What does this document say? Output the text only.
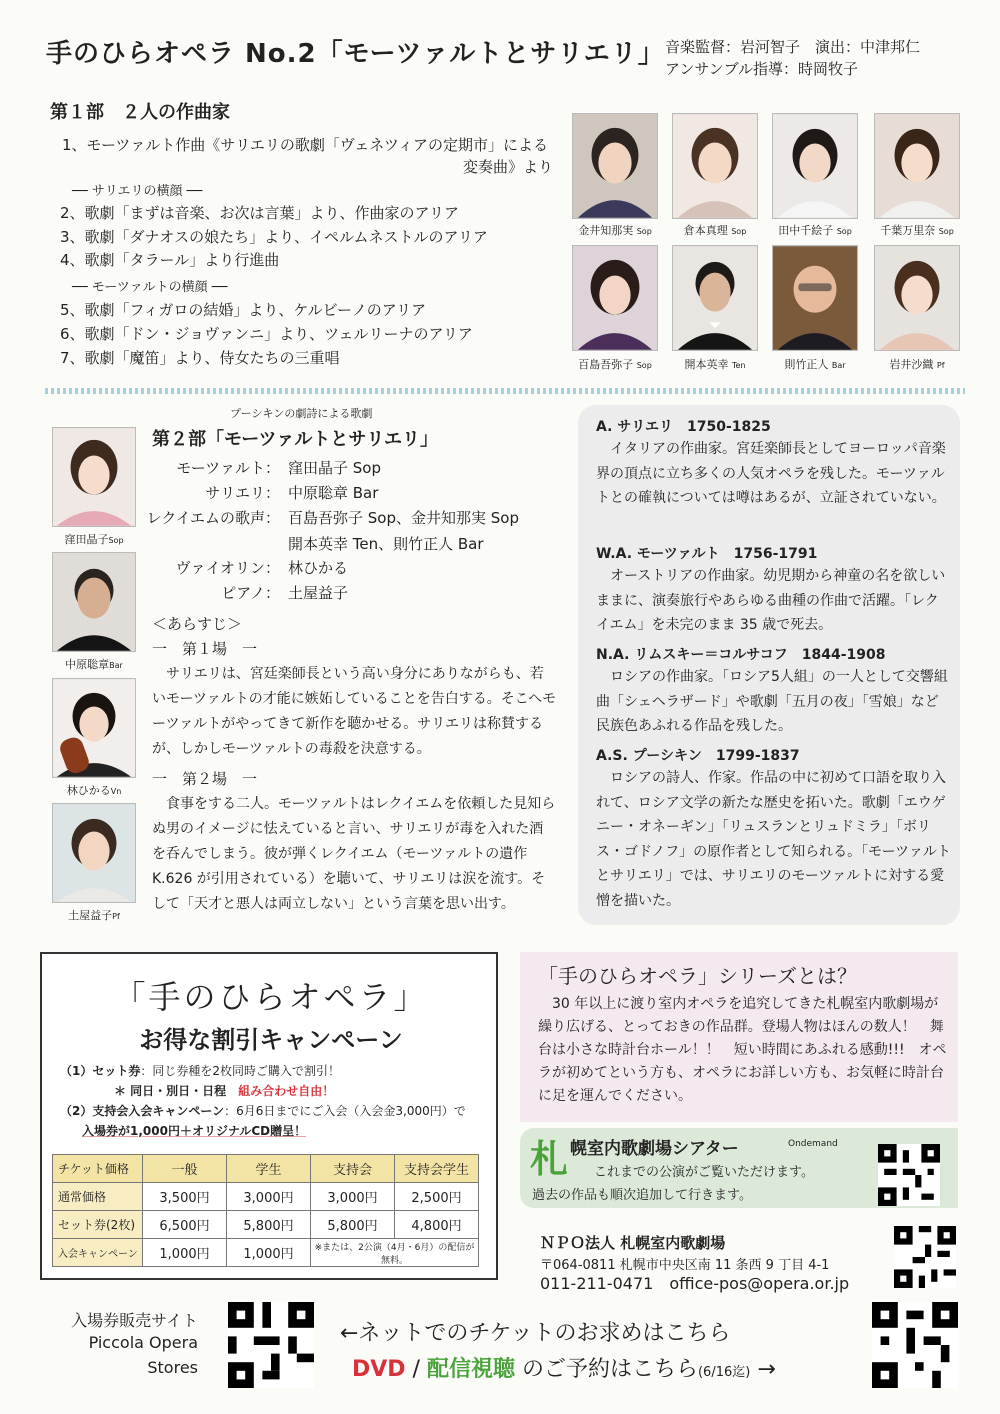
手のひらオペラ No.2「モーツァルトとサリエリ」 音楽監督：岩河智子　演出：中津邦仁
アンサンブル指導：時岡牧子
第１部　２人の作曲家
1、モーツァルト作曲《サリエリの歌劇「ヴェネツィアの定期市」による
変奏曲》より
── サリエリの横顔 ──
2、歌劇「まずは音楽、お次は言葉」より、作曲家のアリア
3、歌劇「ダナオスの娘たち」より、イペルムネストルのアリア
4、歌劇「タラール」より行進曲
── モーツァルトの横顔 ──
5、歌劇「フィガロの結婚」より、ケルビーノのアリア
6、歌劇「ドン・ジョヴァンニ」より、ツェルリーナのアリア
7、歌劇「魔笛」より、侍女たちの三重唱
金井知那実 Sop	倉本真理 Sop	田中千絵子 Sop	千葉万里奈 Sop
百島吾弥子 Sop	開本英幸 Ten	則竹正人 Bar	岩井沙織 Pf
窪田晶子Sop
中原聡章Bar
林ひかるVn
土屋益子Pf
プーシキンの劇詩による歌劇
第２部「モーツァルトとサリエリ」
モーツァルト： 窪田晶子 Sop
サリエリ： 中原聡章 Bar
レクイエムの歌声： 百島吾弥子 Sop、金井知那実 Sop
開本英幸 Ten、則竹正人 Bar
ヴァイオリン： 林ひかる
ピアノ： 土屋益子
＜あらすじ＞
一　第１場　一
　サリエリは、宮廷楽師長という高い身分にありながらも、若いモーツァルトの才能に嫉妬していることを告白する。そこへモーツァルトがやってきて新作を聴かせる。サリエリは称賛するが、しかしモーツァルトの毒殺を決意する。
一　第２場　一
　食事をする二人。モーツァルトはレクイエムを依頼した見知らぬ男のイメージに怯えていると言い、サリエリが毒を入れた酒を呑んでしまう。彼が弾くレクイエム（モーツァルトの遺作 K.626 が引用されている）を聴いて、サリエリは涙を流す。そして「天才と悪人は両立しない」という言葉を思い出す。
A. サリエリ　1750-1825
　イタリアの作曲家。宮廷楽師長としてヨーロッパ音楽界の頂点に立ち多くの人気オペラを残した。モーツァルトとの確執については噂はあるが、立証されていない。
W.A. モーツァルト　1756-1791
　オーストリアの作曲家。幼児期から神童の名を欲しいままに、演奏旅行やあらゆる曲種の作曲で活躍。「レクイエム」を未完のまま 35 歳で死去。
N.A. リムスキー＝コルサコフ　1844-1908
　ロシアの作曲家。「ロシア5人組」の一人として交響組曲「シェヘラザード」や歌劇「五月の夜」「雪娘」など民族色あふれる作品を残した。
A.S. プーシキン　1799-1837
　ロシアの詩人、作家。作品の中に初めて口語を取り入れて、ロシア文学の新たな歴史を拓いた。歌劇「エウゲニー・オネーギン」「リュスランとリュドミラ」「ボリス・ゴドノフ」の原作者として知られる。「モーツァルトとサリエリ」では、サリエリのモーツァルトに対する愛憎を描いた。
「手のひらオペラ」
お得な割引キャンペーン
（1）セット券：同じ券種を2枚同時ご購入で割引！
＊ 同日・別日・日程　 組み合わせ自由！
（2）支持会入会キャンペーン：6月6日までにご入会（入会金3,000円）で
入場券が1,000円＋オリジナルCD贈呈！
チケット価格	一般	学生	支持会	支持会学生
通常価格	3,500円	3,000円	3,000円	2,500円
セット券(2枚)	6,500円	5,800円	5,800円	4,800円
入会キャンペーン	1,000円	1,000円	※または、2公演（4月・6月）の配信が無料。	
「手のひらオペラ」シリーズとは？
　30 年以上に渡り室内オペラを追究してきた札幌室内歌劇場が繰り広げる、とっておきの作品群。登場人物はほんの数人！　舞台は小さな時計台ホール！！　短い時間にあふれる感動!!!　オペラが初めてという方も、オペラにお詳しい方も、お気軽に時計台に足を運んでください。
札 幌室内歌劇場シアター	Ondemand
これまでの公演がご覧いただけます。
過去の作品も順次追加して行きます。
ＮＰＯ法人 札幌室内歌劇場
〒064-0811 札幌市中央区南 11 条西 9 丁目 4-1
011-211-0471　office-pos@opera.or.jp
入場券販売サイト
Piccola Opera
Stores
←ネットでのチケットのお求めはこちら
DVD / 配信視聴 のご予約はこちら(6/16迄) →
